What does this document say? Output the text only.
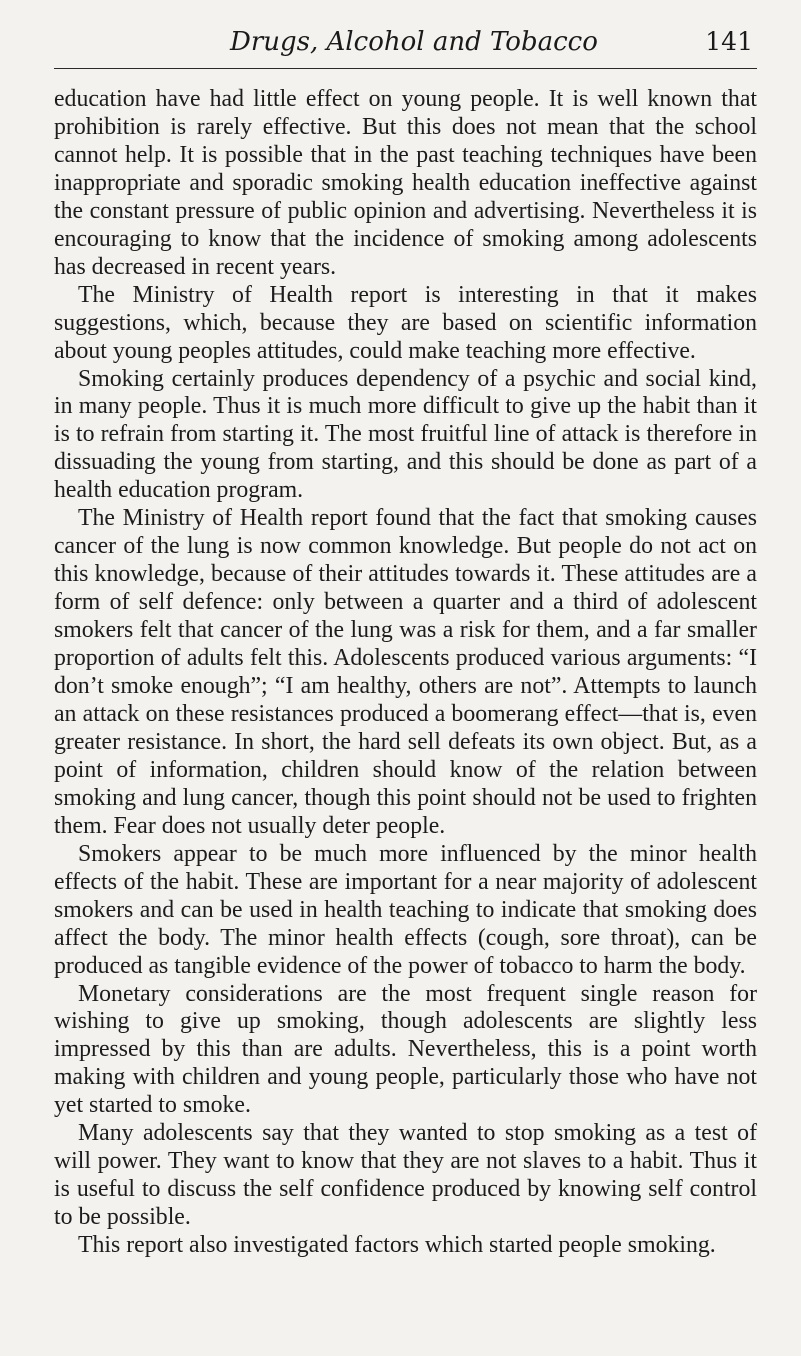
Drugs, Alcohol and Tobacco	141

education have had little effect on young people. It is well known that prohibition is rarely effective. But this does not mean that the school cannot help. It is possible that in the past teaching techniques have been inappropriate and sporadic smoking health education ineffective against the constant pressure of public opinion and advertising. Nevertheless it is encouraging to know that the incidence of smoking among adolescents has decreased in recent years.

The Ministry of Health report is interesting in that it makes suggestions, which, because they are based on scientific information about young peoples attitudes, could make teaching more effective.

Smoking certainly produces dependency of a psychic and social kind, in many people. Thus it is much more difficult to give up the habit than it is to refrain from starting it. The most fruitful line of attack is therefore in dissuading the young from starting, and this should be done as part of a health education program.

The Ministry of Health report found that the fact that smoking causes cancer of the lung is now common knowledge. But people do not act on this knowledge, because of their attitudes towards it. These attitudes are a form of self defence: only between a quarter and a third of adolescent smokers felt that cancer of the lung was a risk for them, and a far smaller proportion of adults felt this. Adolescents produced various arguments: “I don’t smoke enough”; “I am healthy, others are not”. Attempts to launch an attack on these resistances produced a boomerang effect—that is, even greater resistance. In short, the hard sell defeats its own object. But, as a point of information, children should know of the relation between smoking and lung cancer, though this point should not be used to frighten them. Fear does not usually deter people.

Smokers appear to be much more influenced by the minor health effects of the habit. These are important for a near majority of adolescent smokers and can be used in health teaching to indicate that smoking does affect the body. The minor health effects (cough, sore throat), can be produced as tangible evidence of the power of tobacco to harm the body.

Monetary considerations are the most frequent single reason for wishing to give up smoking, though adolescents are slightly less impressed by this than are adults. Nevertheless, this is a point worth making with children and young people, particularly those who have not yet started to smoke.

Many adolescents say that they wanted to stop smoking as a test of will power. They want to know that they are not slaves to a habit. Thus it is useful to discuss the self confidence produced by knowing self control to be possible.

This report also investigated factors which started people smoking.
